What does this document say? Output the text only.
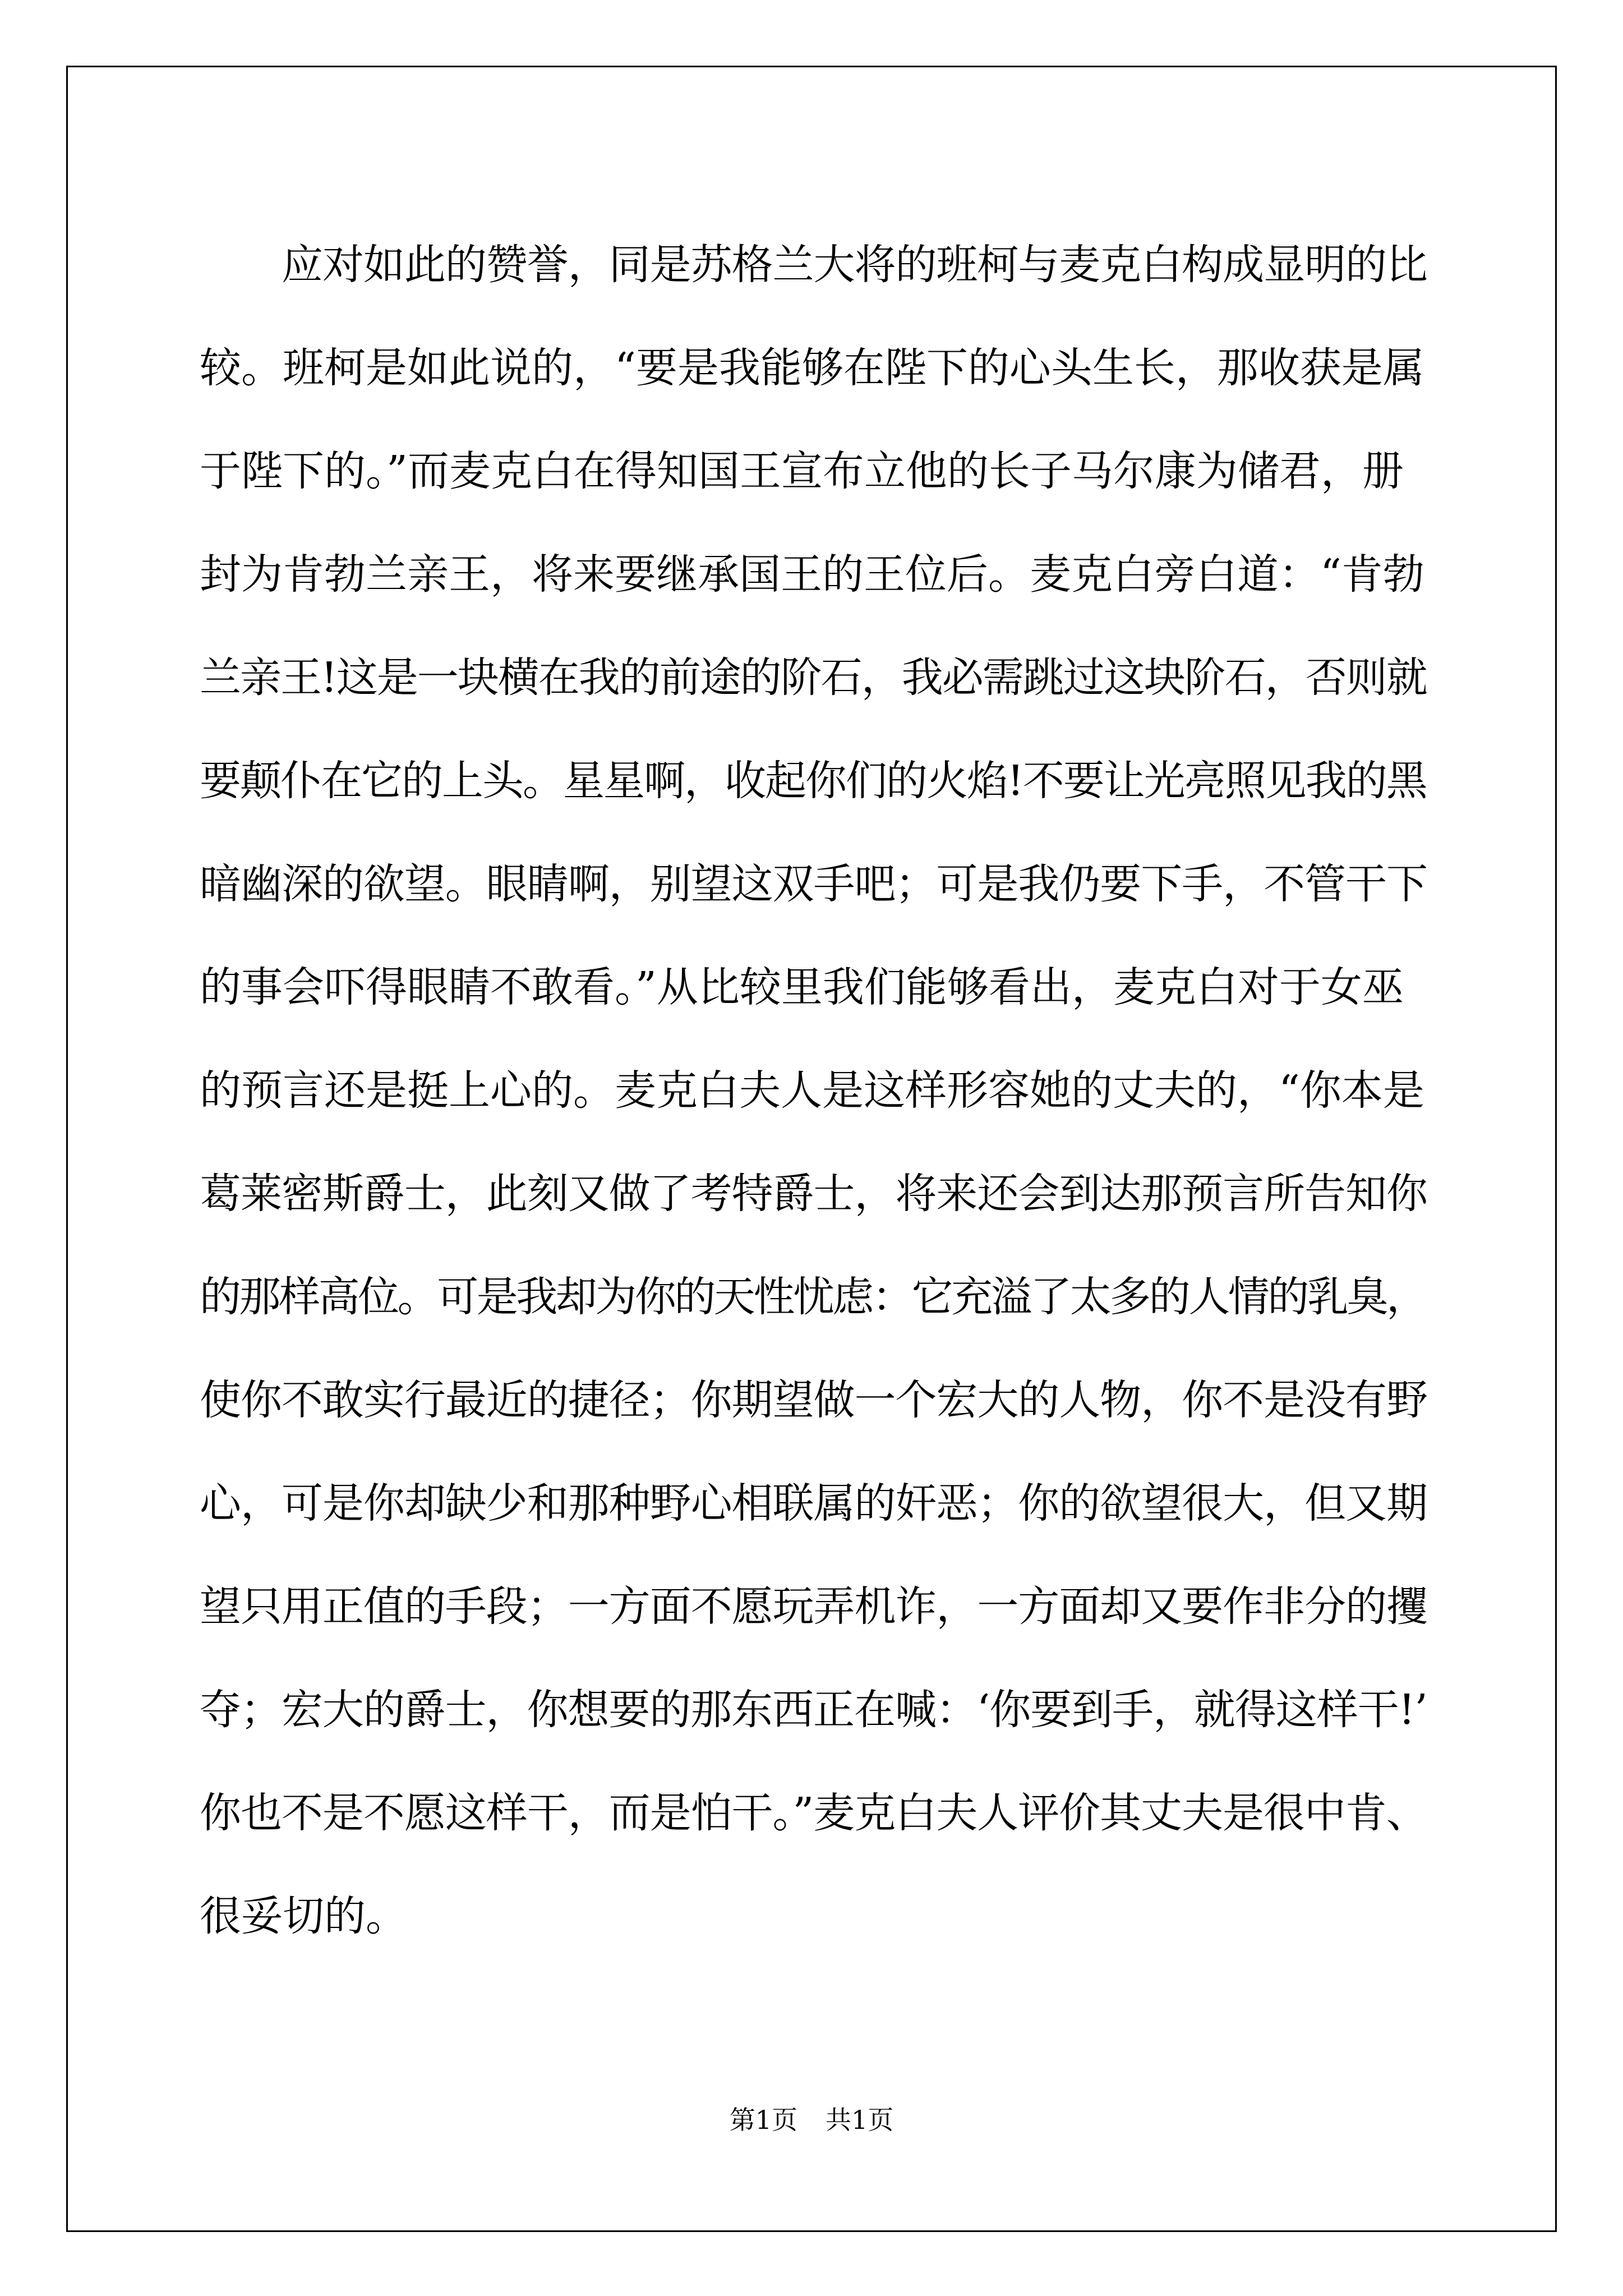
应对如此的赞誉，同是苏格兰大将的班柯与麦克白构成显明的比
较。班柯是如此说的，“要是我能够在陛下的心头生长，那收获是属
于陛下的。”而麦克白在得知国王宣布立他的长子马尔康为储君，册
封为肯勃兰亲王，将来要继承国王的王位后。麦克白旁白道：“肯勃
兰亲王!这是一块横在我的前途的阶石，我必需跳过这块阶石，否则就
要颠仆在它的上头。星星啊，收起你们的火焰!不要让光亮照见我的黑
暗幽深的欲望。眼睛啊，别望这双手吧；可是我仍要下手，不管干下
的事会吓得眼睛不敢看。”从比较里我们能够看出，麦克白对于女巫
的预言还是挺上心的。麦克白夫人是这样形容她的丈夫的，“你本是
葛莱密斯爵士，此刻又做了考特爵士，将来还会到达那预言所告知你
的那样高位。可是我却为你的天性忧虑：它充溢了太多的人情的乳臭，
使你不敢实行最近的捷径；你期望做一个宏大的人物，你不是没有野
心，可是你却缺少和那种野心相联属的奸恶；你的欲望很大，但又期
望只用正值的手段；一方面不愿玩弄机诈，一方面却又要作非分的攫
夺；宏大的爵士，你想要的那东西正在喊：‘你要到手，就得这样干!’
你也不是不愿这样干，而是怕干。”麦克白夫人评价其丈夫是很中肯、
很妥切的。
第1页 共1页
